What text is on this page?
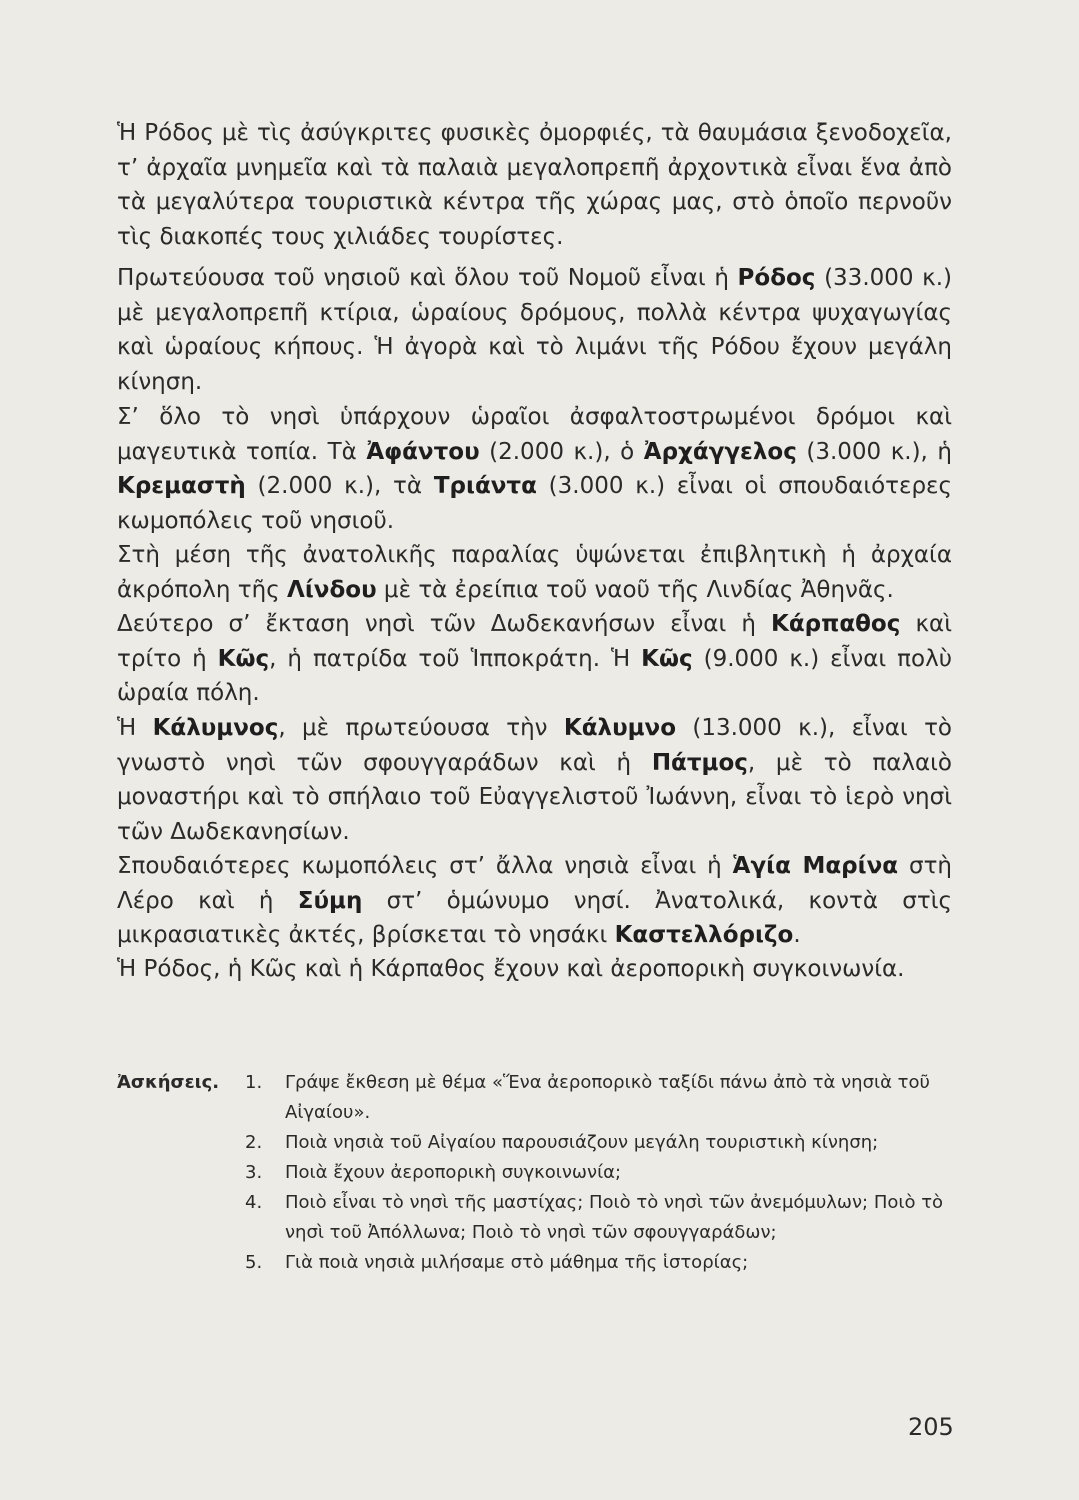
Ἡ Ρόδος μὲ τὶς ἀσύγκριτες φυσικὲς ὀμορφιές, τὰ θαυμάσια ξενοδοχεῖα, τ’ ἀρχαῖα μνημεῖα καὶ τὰ παλαιὰ μεγαλοπρεπῆ ἀρχοντικὰ εἶναι ἕνα ἀπὸ τὰ μεγαλύτερα τουριστικὰ κέντρα τῆς χώρας μας, στὸ ὁποῖο περνοῦν τὶς διακοπές τους χιλιάδες τουρίστες.

Πρωτεύουσα τοῦ νησιοῦ καὶ ὅλου τοῦ Νομοῦ εἶναι ἡ Ρόδος (33.000 κ.) μὲ μεγαλοπρεπῆ κτίρια, ὡραίους δρόμους, πολλὰ κέντρα ψυχαγωγίας καὶ ὡραίους κήπους. Ἡ ἀγορὰ καὶ τὸ λιμάνι τῆς Ρόδου ἔχουν μεγάλη κίνηση.

Σ’ ὅλο τὸ νησὶ ὑπάρχουν ὡραῖοι ἀσφαλτοστρωμένοι δρόμοι καὶ μαγευτικὰ τοπία. Τὰ Ἀφάντου (2.000 κ.), ὁ Ἀρχάγγελος (3.000 κ.), ἡ Κρεμαστὴ (2.000 κ.), τὰ Τριάντα (3.000 κ.) εἶναι οἱ σπουδαιότερες κωμοπόλεις τοῦ νησιοῦ.

Στὴ μέση τῆς ἀνατολικῆς παραλίας ὑψώνεται ἐπιβλητικὴ ἡ ἀρχαία ἀκρόπολη τῆς Λίνδου μὲ τὰ ἐρείπια τοῦ ναοῦ τῆς Λινδίας Ἀθηνᾶς.

Δεύτερο σ’ ἔκταση νησὶ τῶν Δωδεκανήσων εἶναι ἡ Κάρπαθος καὶ τρίτο ἡ Κῶς, ἡ πατρίδα τοῦ Ἱπποκράτη. Ἡ Κῶς (9.000 κ.) εἶναι πολὺ ὡραία πόλη.

Ἡ Κάλυμνος, μὲ πρωτεύουσα τὴν Κάλυμνο (13.000 κ.), εἶναι τὸ γνωστὸ νησὶ τῶν σφουγγαράδων καὶ ἡ Πάτμος, μὲ τὸ παλαιὸ μοναστήρι καὶ τὸ σπήλαιο τοῦ Εὐαγγελιστοῦ Ἰωάννη, εἶναι τὸ ἱερὸ νησὶ τῶν Δωδεκανησίων.

Σπουδαιότερες κωμοπόλεις στ’ ἄλλα νησιὰ εἶναι ἡ Ἁγία Μαρίνα στὴ Λέρο καὶ ἡ Σύμη στ’ ὁμώνυμο νησί. Ἀνατολικά, κοντὰ στὶς μικρασιατικὲς ἀκτές, βρίσκεται τὸ νησάκι Καστελλόριζο.

Ἡ Ρόδος, ἡ Κῶς καὶ ἡ Κάρπαθος ἔχουν καὶ ἀεροπορικὴ συγκοινωνία.

Ἀσκήσεις. 1. Γράψε ἔκθεση μὲ θέμα «Ἕνα ἀεροπορικὸ ταξίδι πάνω ἀπὸ τὰ νησιὰ τοῦ Αἰγαίου».
2. Ποιὰ νησιὰ τοῦ Αἰγαίου παρουσιάζουν μεγάλη τουριστικὴ κίνηση;
3. Ποιὰ ἔχουν ἀεροπορικὴ συγκοινωνία;
4. Ποιὸ εἶναι τὸ νησὶ τῆς μαστίχας; Ποιὸ τὸ νησὶ τῶν ἀνεμόμυλων; Ποιὸ τὸ νησὶ τοῦ Ἀπόλλωνα; Ποιὸ τὸ νησὶ τῶν σφουγγαράδων;
5. Γιὰ ποιὰ νησιὰ μιλήσαμε στὸ μάθημα τῆς ἱστορίας;

205
